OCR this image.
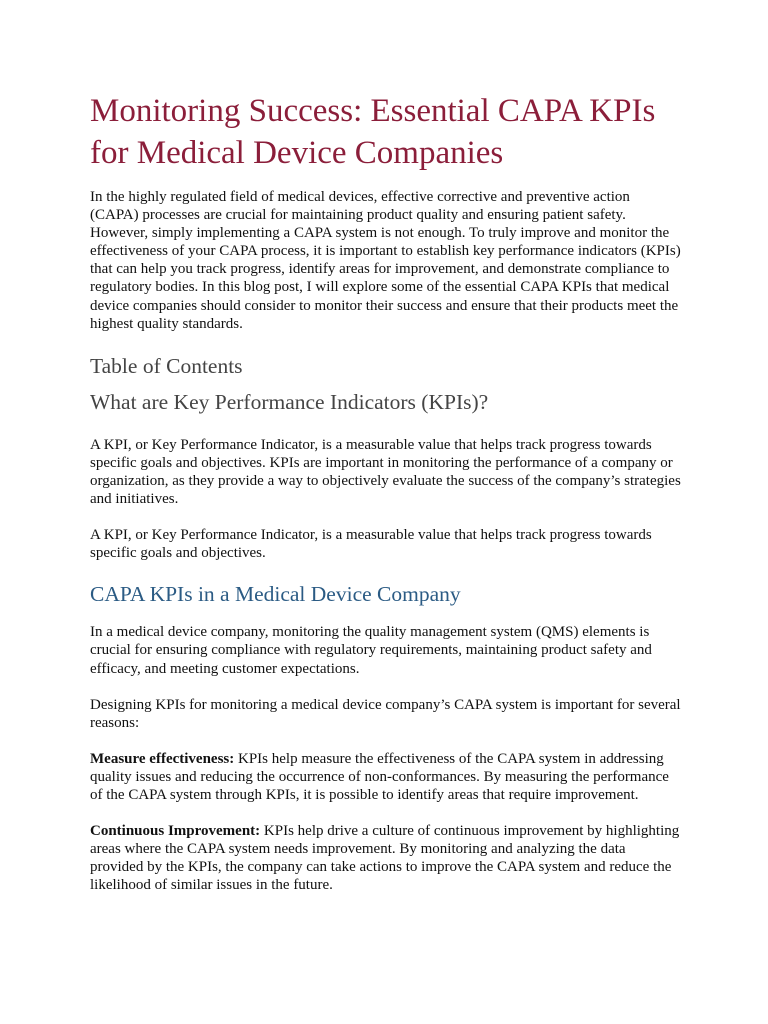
Monitoring Success: Essential CAPA KPIs for Medical Device Companies

In the highly regulated field of medical devices, effective corrective and preventive action (CAPA) processes are crucial for maintaining product quality and ensuring patient safety. However, simply implementing a CAPA system is not enough. To truly improve and monitor the effectiveness of your CAPA process, it is important to establish key performance indicators (KPIs) that can help you track progress, identify areas for improvement, and demonstrate compliance to regulatory bodies. In this blog post, I will explore some of the essential CAPA KPIs that medical device companies should consider to monitor their success and ensure that their products meet the highest quality standards.

Table of Contents
What are Key Performance Indicators (KPIs)?

A KPI, or Key Performance Indicator, is a measurable value that helps track progress towards specific goals and objectives. KPIs are important in monitoring the performance of a company or organization, as they provide a way to objectively evaluate the success of the company’s strategies and initiatives.

A KPI, or Key Performance Indicator, is a measurable value that helps track progress towards specific goals and objectives.

CAPA KPIs in a Medical Device Company

In a medical device company, monitoring the quality management system (QMS) elements is crucial for ensuring compliance with regulatory requirements, maintaining product safety and efficacy, and meeting customer expectations.

Designing KPIs for monitoring a medical device company’s CAPA system is important for several reasons:

Measure effectiveness: KPIs help measure the effectiveness of the CAPA system in addressing quality issues and reducing the occurrence of non-conformances. By measuring the performance of the CAPA system through KPIs, it is possible to identify areas that require improvement.

Continuous Improvement: KPIs help drive a culture of continuous improvement by highlighting areas where the CAPA system needs improvement. By monitoring and analyzing the data provided by the KPIs, the company can take actions to improve the CAPA system and reduce the likelihood of similar issues in the future.
